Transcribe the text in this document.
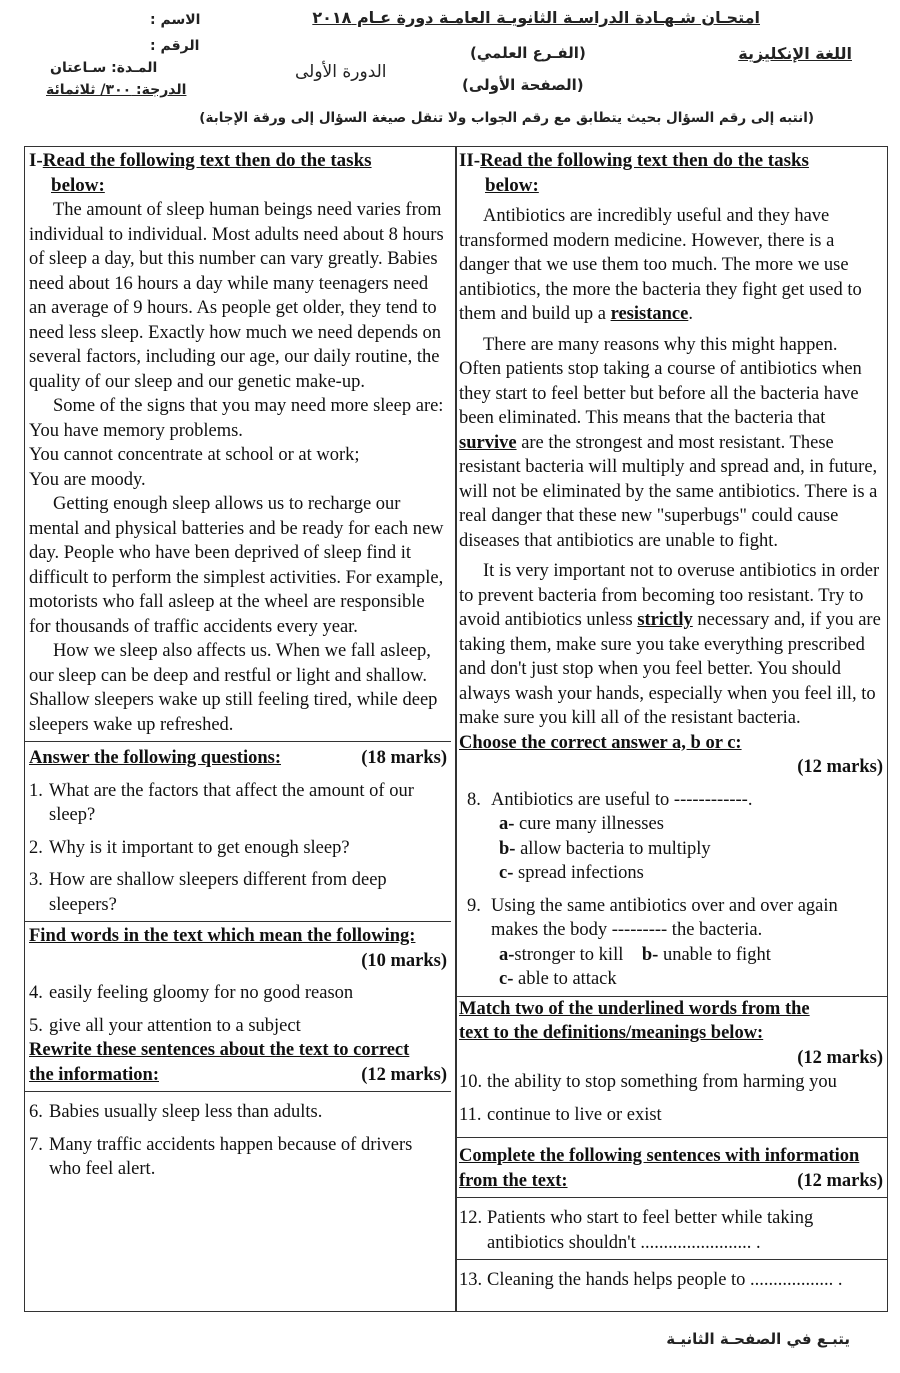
امتحـان شـهـادة الدراسـة الثانويـة العامـة دورة عـام ٢٠١٨
الاسم :
الرقم :
المـدة: سـاعتان
الدرجة: ٣٠٠/ ثلاثمائة
الدورة الأولى
(الفـرع العلمي)
(الصفحة الأولى)
اللغة الإنكليزية
(انتبه إلى رقم السؤال بحيث يتطابق مع رقم الجواب ولا تنقل صيغة السؤال إلى ورقة الإجابة)
I-Read the following text then do the tasks
below:

The amount of sleep human beings need varies from individual to individual. Most adults need about 8 hours of sleep a day, but this number can vary greatly. Babies need about 16 hours a day while many teenagers need an average of 9 hours. As people get older, they tend to need less sleep. Exactly how much we need depends on several factors, including our age, our daily routine, the quality of our sleep and our genetic make-up.

Some of the signs that you may need more sleep are:

You have memory problems.

You cannot concentrate at school or at work;

You are moody.

Getting enough sleep allows us to recharge our mental and physical batteries and be ready for each new day. People who have been deprived of sleep find it difficult to perform the simplest activities. For example, motorists who fall asleep at the wheel are responsible for thousands of traffic accidents every year.

How we sleep also affects us. When we fall asleep, our sleep can be deep and restful or light and shallow. Shallow sleepers wake up still feeling tired, while deep sleepers wake up refreshed.

Answer the following questions:	(18 marks)
1. What are the factors that affect the amount of our sleep?
2. Why is it important to get enough sleep?
3. How are shallow sleepers different from deep sleepers?
Find words in the text which mean the following:
(10 marks)
4. easily feeling gloomy for no good reason
5. give all your attention to a subject
Rewrite these sentences about the text to correct
the information:	(12 marks)
6. Babies usually sleep less than adults.
7. Many traffic accidents happen because of drivers who feel alert.
II-Read the following text then do the tasks
below:

Antibiotics are incredibly useful and they have transformed modern medicine. However, there is a danger that we use them too much. The more we use antibiotics, the more the bacteria they fight get used to them and build up a resistance.

There are many reasons why this might happen. Often patients stop taking a course of antibiotics when they start to feel better but before all the bacteria have been eliminated. This means that the bacteria that survive are the strongest and most resistant. These resistant bacteria will multiply and spread and, in future, will not be eliminated by the same antibiotics. There is a real danger that these new "superbugs" could cause diseases that antibiotics are unable to fight.

It is very important not to overuse antibiotics in order to prevent bacteria from becoming too resistant. Try to avoid antibiotics unless strictly necessary and, if you are taking them, make sure you take everything prescribed and don't just stop when you feel better. You should always wash your hands, especially when you feel ill, to make sure you kill all of the resistant bacteria.

Choose the correct answer a, b or c:
(12 marks)
8. Antibiotics are useful to ------------.
a- cure many illnesses
b- allow bacteria to multiply
c- spread infections
9. Using the same antibiotics over and over again makes the body --------- the bacteria.
a-stronger to kill b- unable to fight
c- able to attack
Match two of the underlined words from the
text to the definitions/meanings below:
(12 marks)
10. the ability to stop something from harming you
11. continue to live or exist
Complete the following sentences with information
from the text:	(12 marks)
12. Patients who start to feel better while taking antibiotics shouldn't ........................ .
13. Cleaning the hands helps people to .................. .
يتبـع في الصفحـة الثانيـة
